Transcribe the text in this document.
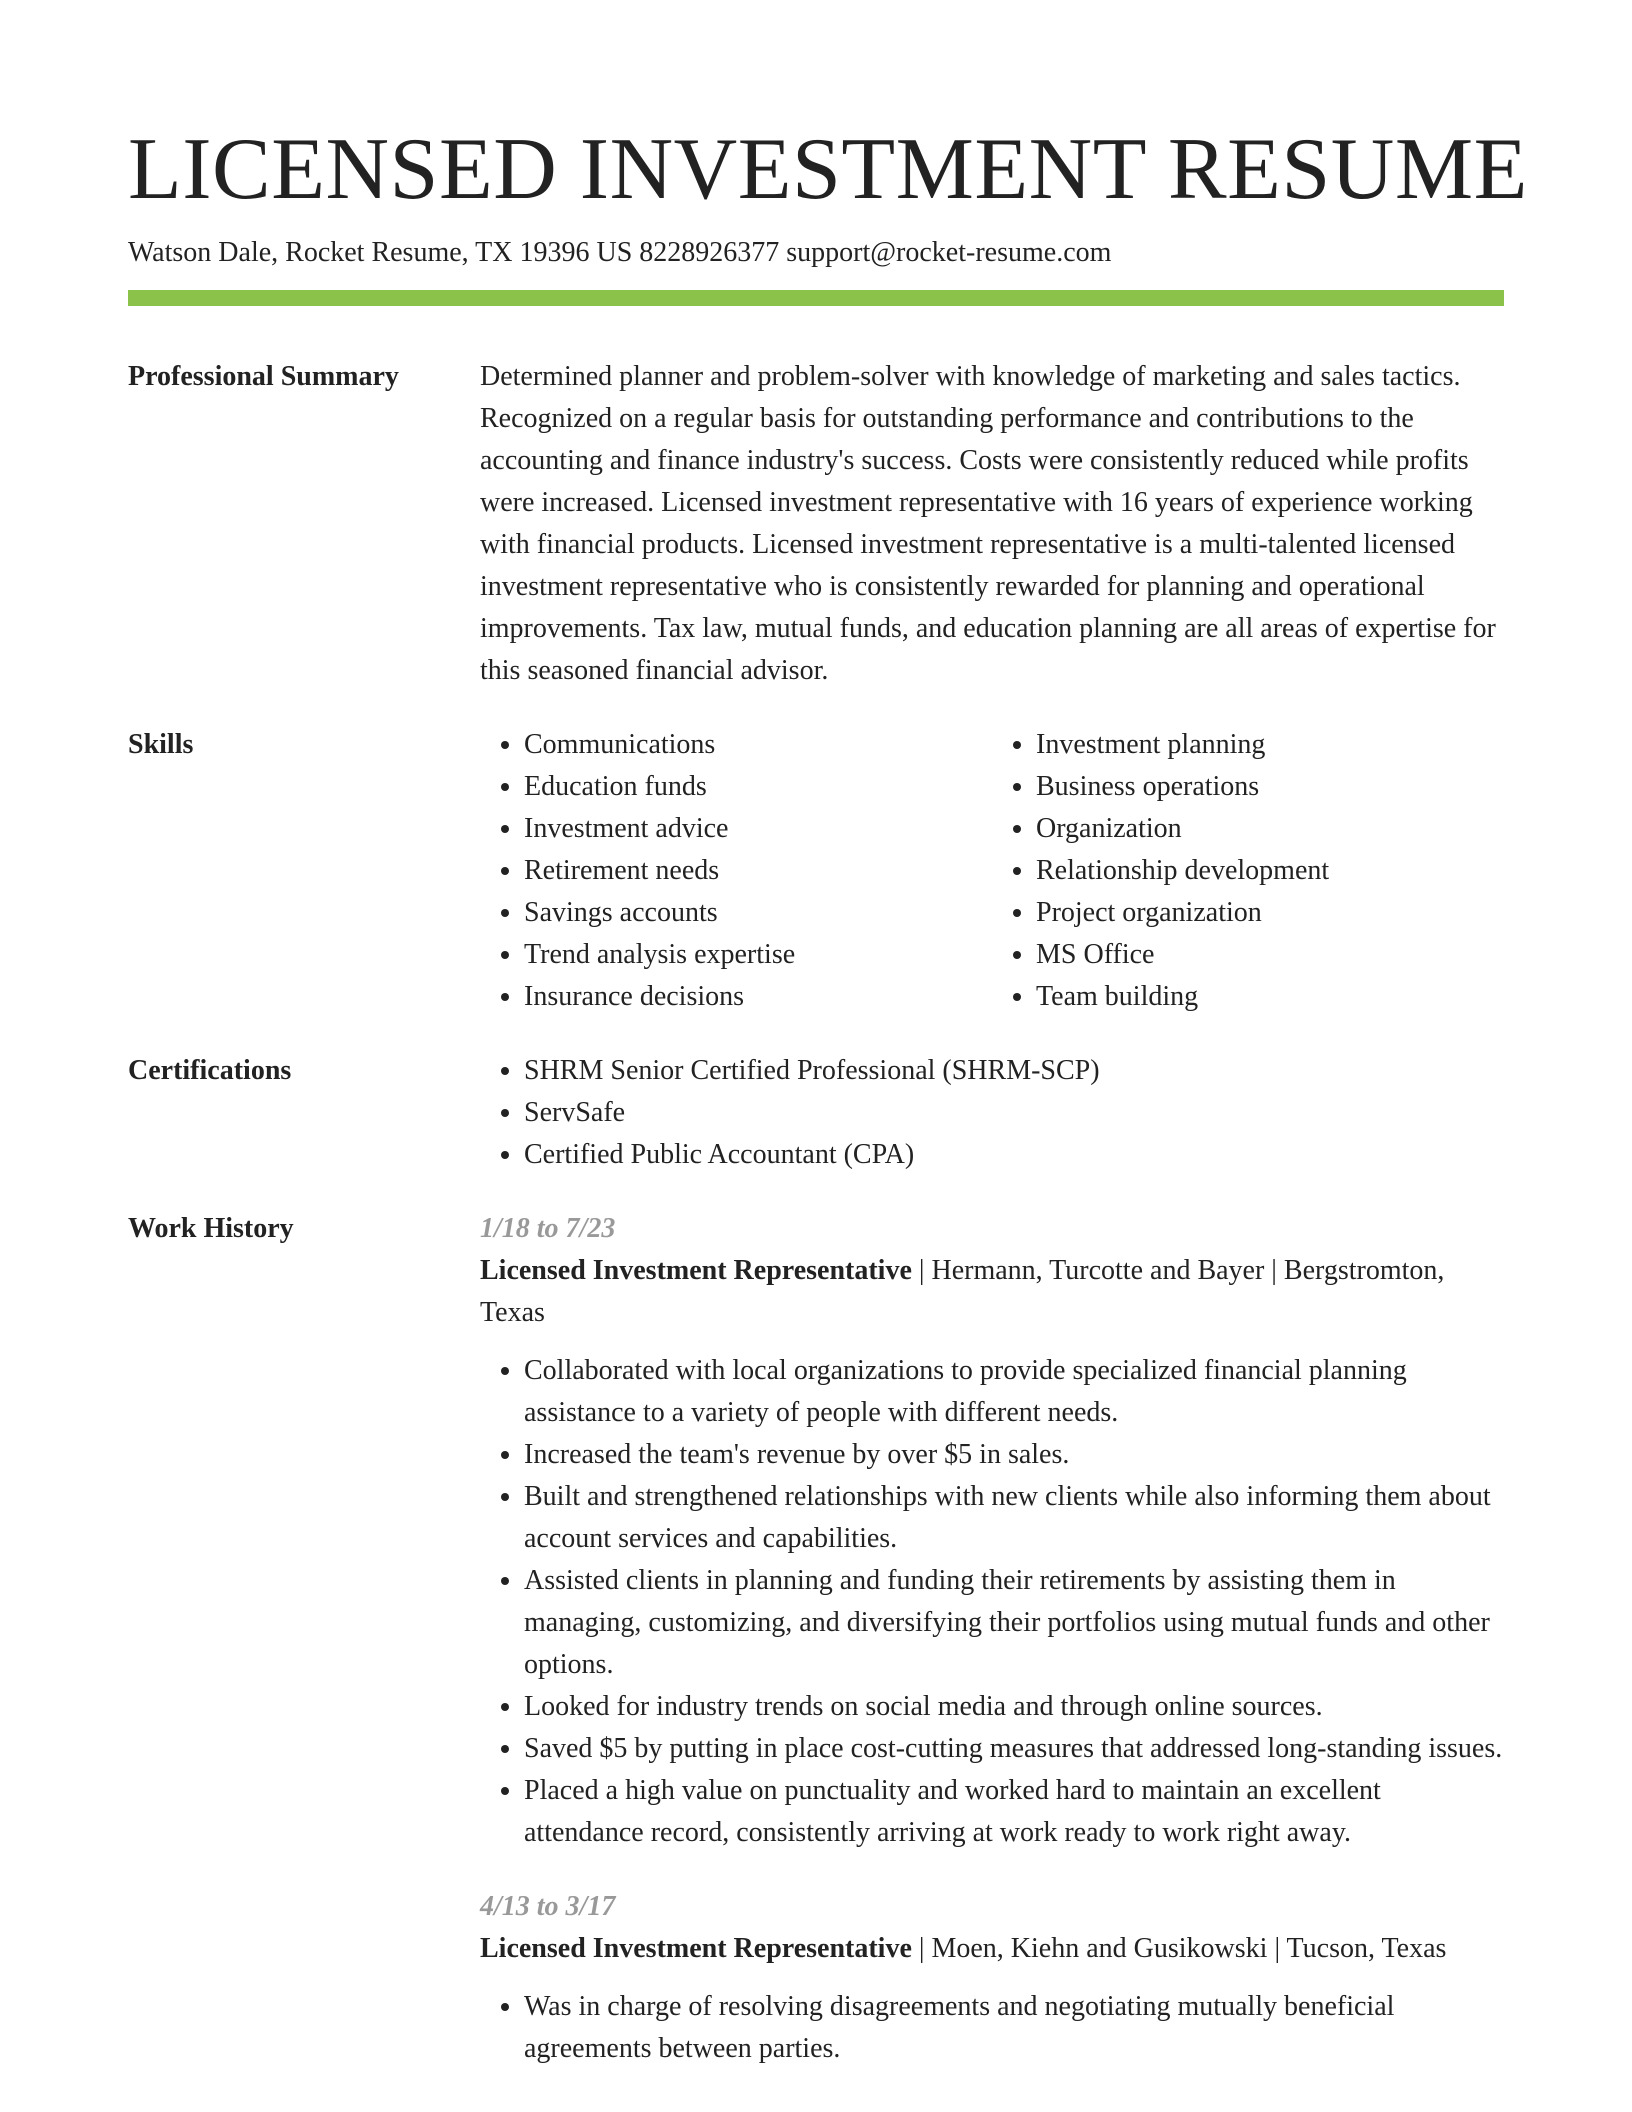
LICENSED INVESTMENT RESUME
Watson Dale, Rocket Resume, TX 19396 US 8228926377 support@rocket-resume.com
Professional Summary	Determined planner and problem-solver with knowledge of marketing and sales tactics. Recognized on a regular basis for outstanding performance and contributions to the accounting and finance industry's success. Costs were consistently reduced while profits were increased. Licensed investment representative with 16 years of experience working with financial products. Licensed investment representative is a multi-talented licensed investment representative who is consistently rewarded for planning and operational improvements. Tax law, mutual funds, and education planning are all areas of expertise for this seasoned financial advisor.

Skills	• Communications
• Education funds
• Investment advice
• Retirement needs
• Savings accounts
• Trend analysis expertise
• Insurance decisions
• Investment planning
• Business operations
• Organization
• Relationship development
• Project organization
• MS Office
• Team building
Certifications	• SHRM Senior Certified Professional (SHRM-SCP)
• ServSafe
• Certified Public Accountant (CPA)
Work History	1/18 to 7/23
Licensed Investment Representative | Hermann, Turcotte and Bayer | Bergstromton, Texas
• Collaborated with local organizations to provide specialized financial planning assistance to a variety of people with different needs.
• Increased the team's revenue by over $5 in sales.
• Built and strengthened relationships with new clients while also informing them about account services and capabilities.
• Assisted clients in planning and funding their retirements by assisting them in managing, customizing, and diversifying their portfolios using mutual funds and other options.
• Looked for industry trends on social media and through online sources.
• Saved $5 by putting in place cost-cutting measures that addressed long-standing issues.
• Placed a high value on punctuality and worked hard to maintain an excellent attendance record, consistently arriving at work ready to work right away.
4/13 to 3/17
Licensed Investment Representative | Moen, Kiehn and Gusikowski | Tucson, Texas
• Was in charge of resolving disagreements and negotiating mutually beneficial agreements between parties.
